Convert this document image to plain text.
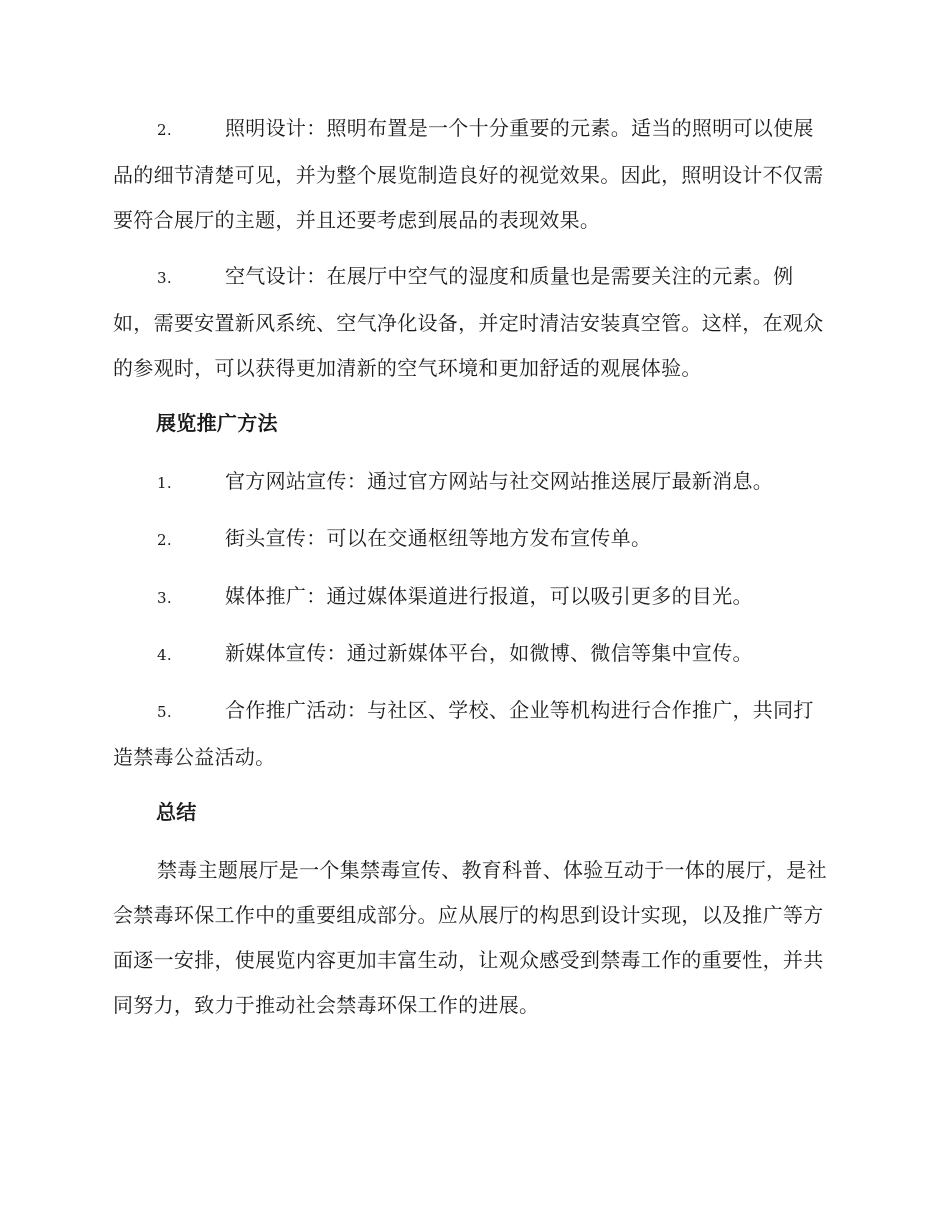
2.	照明设计：照明布置是一个十分重要的元素。适当的照明可以使展品的细节清楚可见，并为整个展览制造良好的视觉效果。因此，照明设计不仅需要符合展厅的主题，并且还要考虑到展品的表现效果。
3.	空气设计：在展厅中空气的湿度和质量也是需要关注的元素。例如，需要安置新风系统、空气净化设备，并定时清洁安装真空管。这样，在观众的参观时，可以获得更加清新的空气环境和更加舒适的观展体验。
展览推广方法
1.	官方网站宣传：通过官方网站与社交网站推送展厅最新消息。
2.	街头宣传：可以在交通枢纽等地方发布宣传单。
3.	媒体推广：通过媒体渠道进行报道，可以吸引更多的目光。
4.	新媒体宣传：通过新媒体平台，如微博、微信等集中宣传。
5.	合作推广活动：与社区、学校、企业等机构进行合作推广，共同打造禁毒公益活动。
总结
禁毒主题展厅是一个集禁毒宣传、教育科普、体验互动于一体的展厅，是社会禁毒环保工作中的重要组成部分。应从展厅的构思到设计实现，以及推广等方面逐一安排，使展览内容更加丰富生动，让观众感受到禁毒工作的重要性，并共同努力，致力于推动社会禁毒环保工作的进展。
